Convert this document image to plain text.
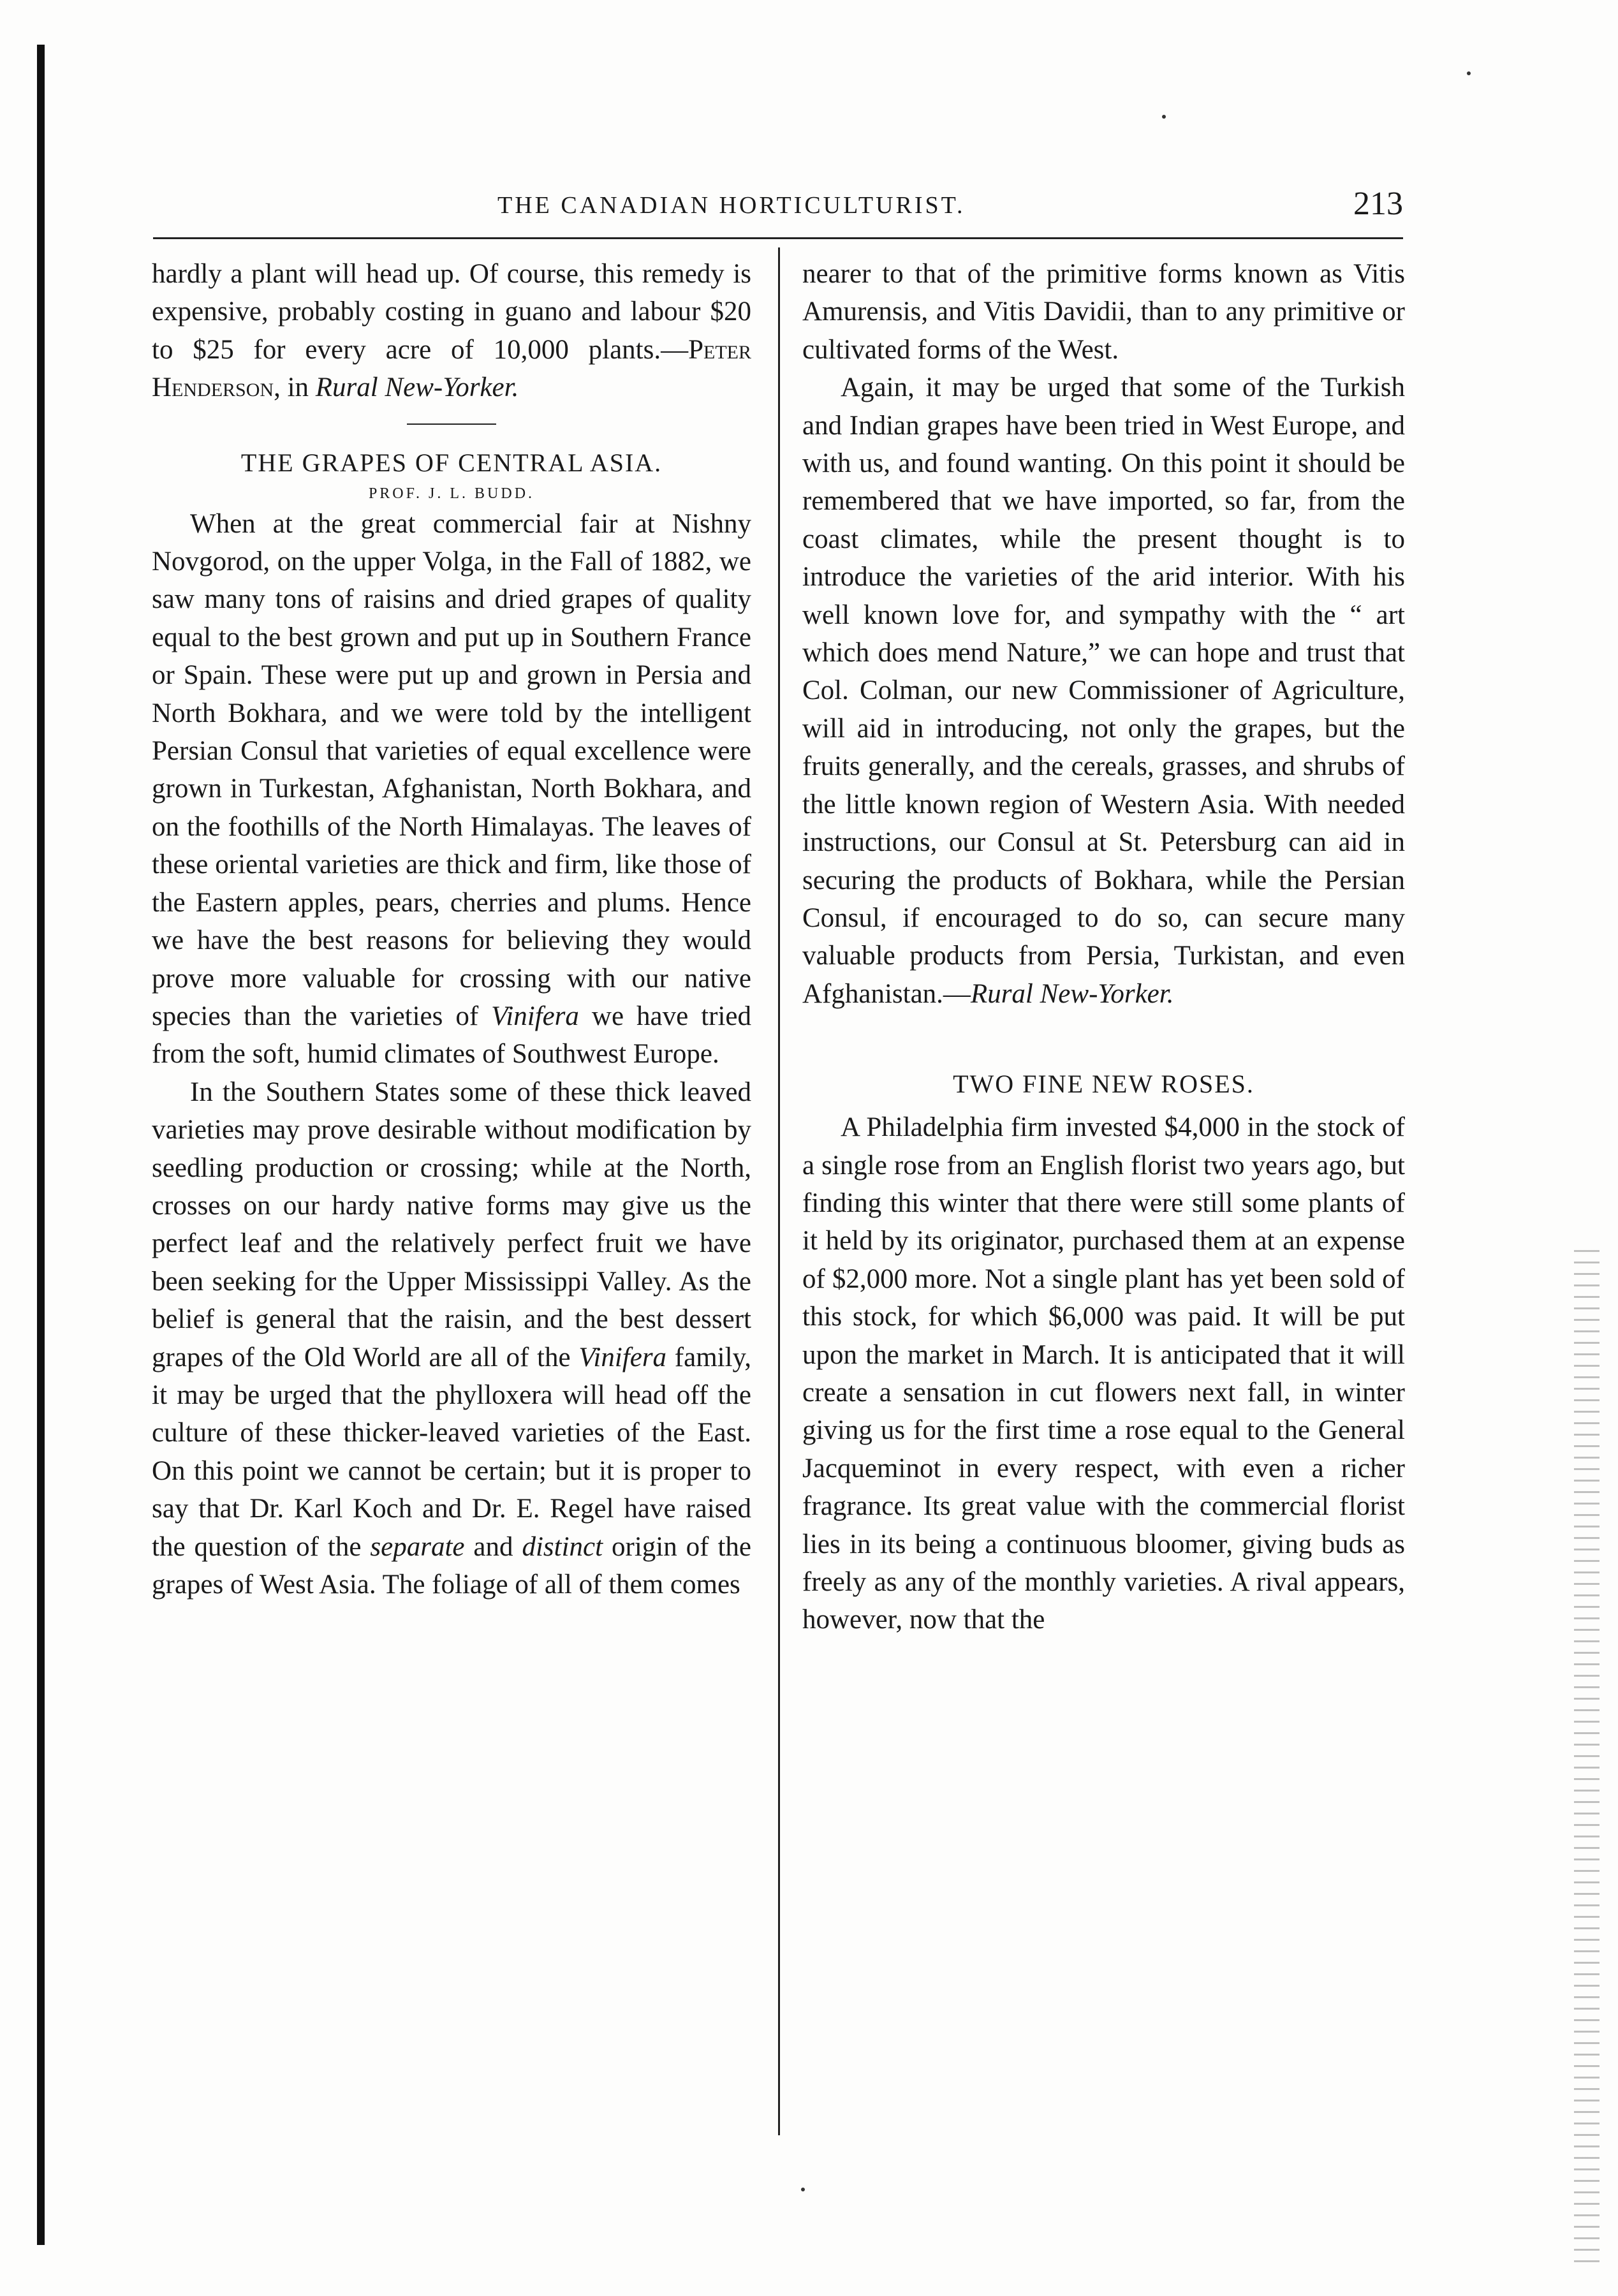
THE CANADIAN HORTICULTURIST.	213

hardly a plant will head up. Of course, this remedy is expensive, probably costing in guano and labour $20 to $25 for every acre of 10,000 plants.—Peter Henderson, in Rural New-Yorker.

THE GRAPES OF CENTRAL ASIA.

PROF. J. L. BUDD.

When at the great commercial fair at Nishny Novgorod, on the upper Volga, in the Fall of 1882, we saw many tons of raisins and dried grapes of quality equal to the best grown and put up in Southern France or Spain. These were put up and grown in Persia and North Bokhara, and we were told by the intelligent Persian Consul that varieties of equal excellence were grown in Turkestan, Afghanistan, North Bokhara, and on the foothills of the North Himalayas. The leaves of these oriental varieties are thick and firm, like those of the Eastern apples, pears, cherries and plums. Hence we have the best reasons for believing they would prove more valuable for crossing with our native species than the varieties of Vinifera we have tried from the soft, humid climates of Southwest Europe.

In the Southern States some of these thick leaved varieties may prove desirable without modification by seedling production or crossing; while at the North, crosses on our hardy native forms may give us the perfect leaf and the relatively perfect fruit we have been seeking for the Upper Mississippi Valley. As the belief is general that the raisin, and the best dessert grapes of the Old World are all of the Vinifera family, it may be urged that the phylloxera will head off the culture of these thicker-leaved varieties of the East. On this point we cannot be certain; but it is proper to say that Dr. Karl Koch and Dr. E. Regel have raised the question of the separate and distinct origin of the grapes of West Asia. The foliage of all of them comes

nearer to that of the primitive forms known as Vitis Amurensis, and Vitis Davidii, than to any primitive or cultivated forms of the West.

Again, it may be urged that some of the Turkish and Indian grapes have been tried in West Europe, and with us, and found wanting. On this point it should be remembered that we have imported, so far, from the coast climates, while the present thought is to introduce the varieties of the arid interior. With his well known love for, and sympathy with the “ art which does mend Nature,” we can hope and trust that Col. Colman, our new Commissioner of Agriculture, will aid in introducing, not only the grapes, but the fruits generally, and the cereals, grasses, and shrubs of the little known region of Western Asia. With needed instructions, our Consul at St. Petersburg can aid in securing the products of Bokhara, while the Persian Consul, if encouraged to do so, can secure many valuable products from Persia, Turkistan, and even Afghanistan.—Rural New-Yorker.

TWO FINE NEW ROSES.

A Philadelphia firm invested $4,000 in the stock of a single rose from an English florist two years ago, but finding this winter that there were still some plants of it held by its originator, purchased them at an expense of $2,000 more. Not a single plant has yet been sold of this stock, for which $6,000 was paid. It will be put upon the market in March. It is anticipated that it will create a sensation in cut flowers next fall, in winter giving us for the first time a rose equal to the General Jacqueminot in every respect, with even a richer fragrance. Its great value with the commercial florist lies in its being a continuous bloomer, giving buds as freely as any of the monthly varieties. A rival appears, however, now that the
